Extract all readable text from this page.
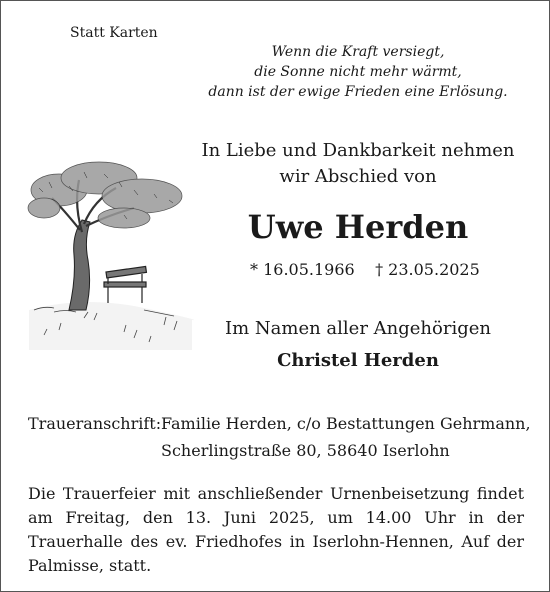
Statt Karten
Wenn die Kraft versiegt,
die Sonne nicht mehr wärmt,
dann ist der ewige Frieden eine Erlösung.
In Liebe und Dankbarkeit nehmen
wir Abschied von
Uwe Herden
* 16.05.1966 † 23.05.2025
Im Namen aller Angehörigen
Christel Herden
Traueranschrift: Familie Herden, c/o Bestattungen Gehrmann,
Scherlingstraße 80, 58640 Iserlohn
Die Trauerfeier mit anschließender Urnenbeisetzung findet am Freitag, den 13. Juni 2025, um 14.00 Uhr in der Trauerhalle des ev. Friedhofes in Iserlohn-Hennen, Auf der Palmisse, statt.
